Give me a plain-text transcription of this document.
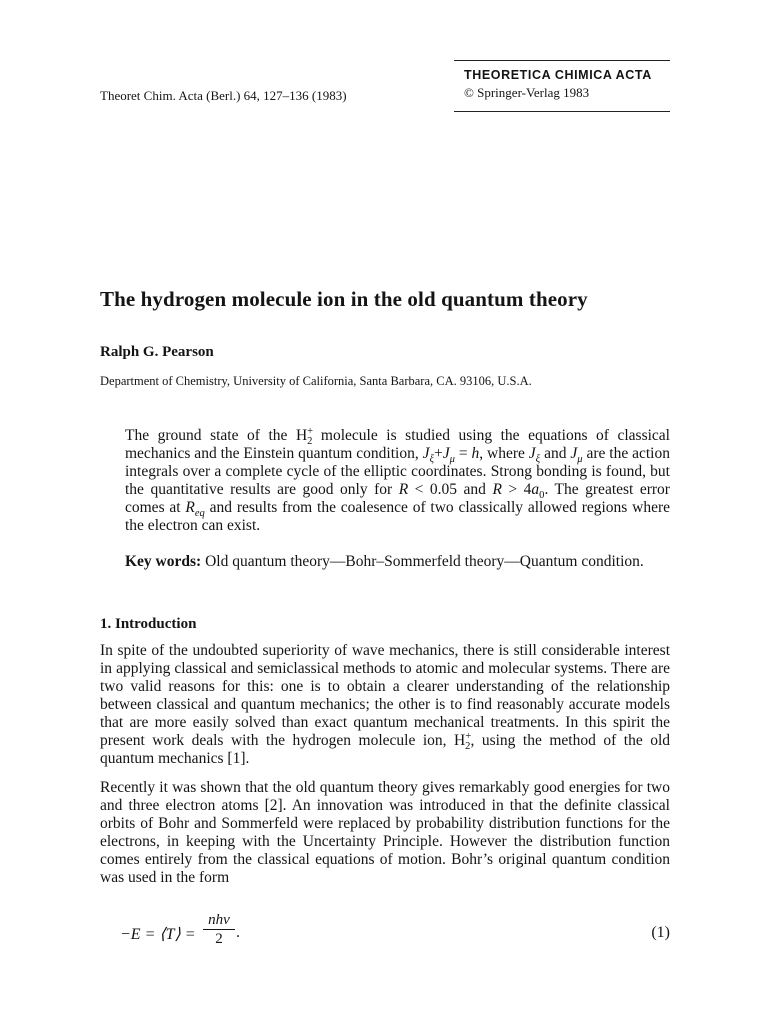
THEORETICA CHIMICA ACTA
© Springer-Verlag 1983
Theoret Chim. Acta (Berl.) 64, 127–136 (1983)
The hydrogen molecule ion in the old quantum theory
Ralph G. Pearson
Department of Chemistry, University of California, Santa Barbara, CA. 93106, U.S.A.

The ground state of the $H^+_2$ molecule is studied using the equations of classical mechanics and the Einstein quantum condition, $J_\xi+J_\mu = h$, where $J_\xi$ and $J_\mu$ are the action integrals over a complete cycle of the elliptic coordinates. Strong bonding is found, but the quantitative results are good only for R < 0.05 and $R > 4a_0$. The greatest error comes at $R_{eq}$ and results from the coalesence of two classically allowed regions where the electron can exist.

Key words: Old quantum theory—Bohr–Sommerfeld theory—Quantum condition.

1. Introduction

In spite of the undoubted superiority of wave mechanics, there is still considerable interest in applying classical and semiclassical methods to atomic and molecular systems. There are two valid reasons for this: one is to obtain a clearer understanding of the relationship between classical and quantum mechanics; the other is to find reasonably accurate models that are more easily solved than exact quantum mechanical treatments. In this spirit the present work deals with the hydrogen molecule ion, $H^+_2$, using the method of the old quantum mechanics [1].

Recently it was shown that the old quantum theory gives remarkably good energies for two and three electron atoms [2]. An innovation was introduced in that the definite classical orbits of Bohr and Sommerfeld were replaced by probability distribution functions for the electrons, in keeping with the Uncertainty Principle. However the distribution function comes entirely from the classical equations of motion. Bohr’s original quantum condition was used in the form

−E = ⟨T⟩ =
nhν
2 .	(1)
